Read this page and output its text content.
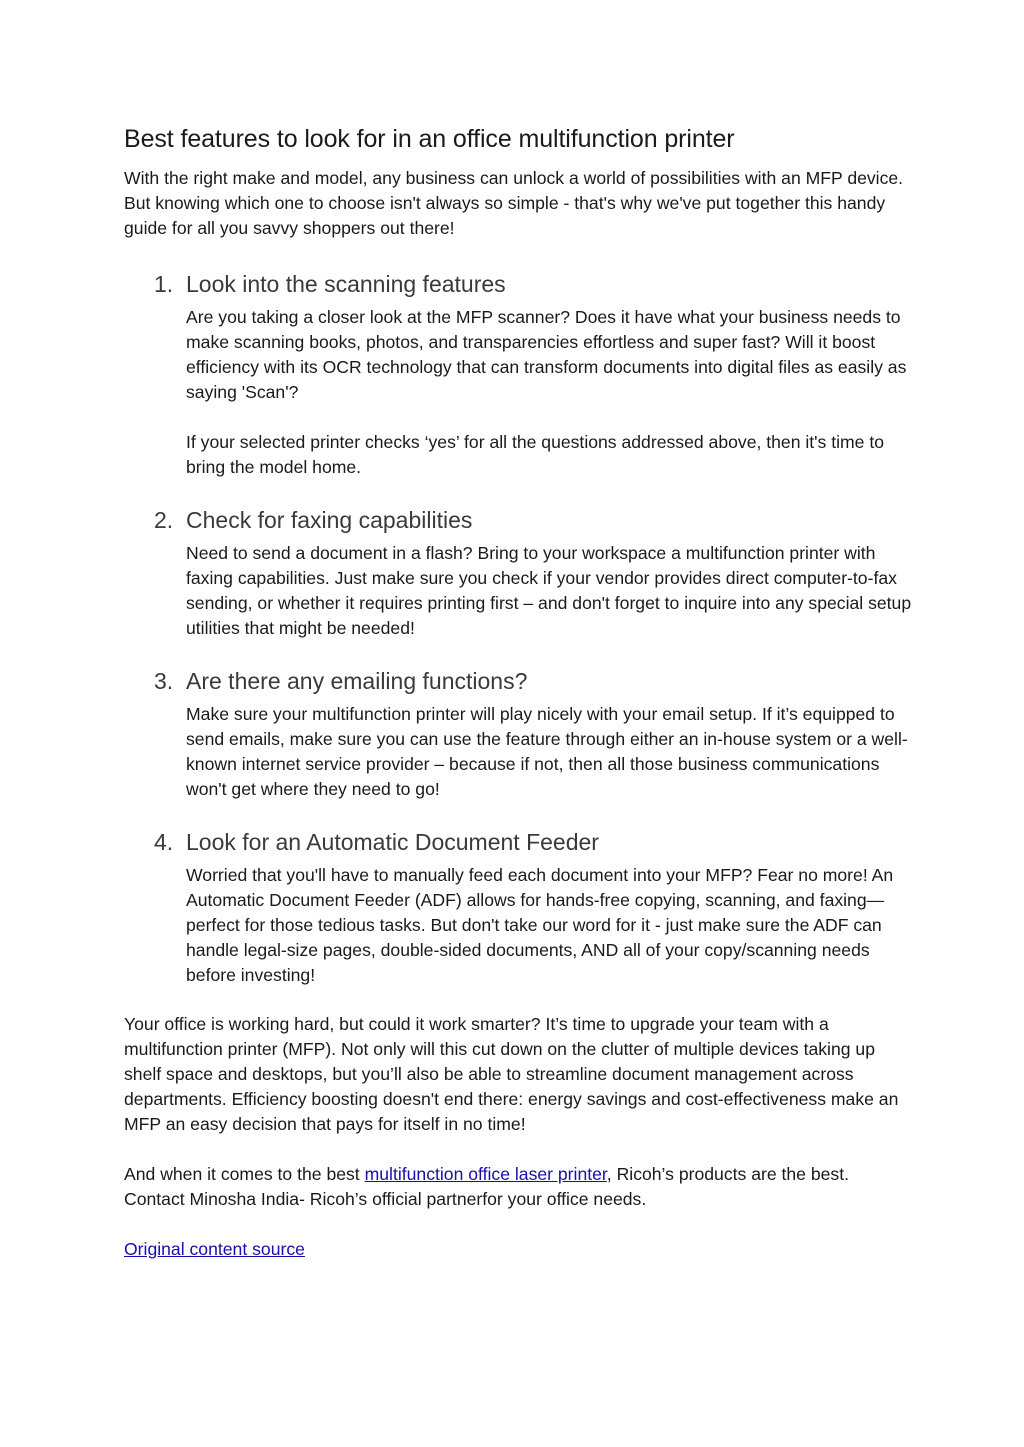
Best features to look for in an office multifunction printer

With the right make and model, any business can unlock a world of possibilities with an MFP device. But knowing which one to choose isn't always so simple - that's why we've put together this handy guide for all you savvy shoppers out there!

1. Look into the scanning features

Are you taking a closer look at the MFP scanner? Does it have what your business needs to make scanning books, photos, and transparencies effortless and super fast? Will it boost efficiency with its OCR technology that can transform documents into digital files as easily as saying 'Scan'?

If your selected printer checks ‘yes’ for all the questions addressed above, then it's time to bring the model home.

2. Check for faxing capabilities

Need to send a document in a flash? Bring to your workspace a multifunction printer with faxing capabilities. Just make sure you check if your vendor provides direct computer-to-fax sending, or whether it requires printing first – and don't forget to inquire into any special setup utilities that might be needed!

3. Are there any emailing functions?

Make sure your multifunction printer will play nicely with your email setup. If it’s equipped to send emails, make sure you can use the feature through either an in-house system or a well-known internet service provider – because if not, then all those business communications won't get where they need to go!

4. Look for an Automatic Document Feeder

Worried that you'll have to manually feed each document into your MFP? Fear no more! An Automatic Document Feeder (ADF) allows for hands-free copying, scanning, and faxing— perfect for those tedious tasks. But don't take our word for it - just make sure the ADF can handle legal-size pages, double-sided documents, AND all of your copy/scanning needs before investing!

Your office is working hard, but could it work smarter? It’s time to upgrade your team with a multifunction printer (MFP). Not only will this cut down on the clutter of multiple devices taking up shelf space and desktops, but you’ll also be able to streamline document management across departments. Efficiency boosting doesn't end there: energy savings and cost-effectiveness make an MFP an easy decision that pays for itself in no time!

And when it comes to the best multifunction office laser printer, Ricoh’s products are the best. Contact Minosha India- Ricoh’s official partnerfor your office needs.

Original content source
